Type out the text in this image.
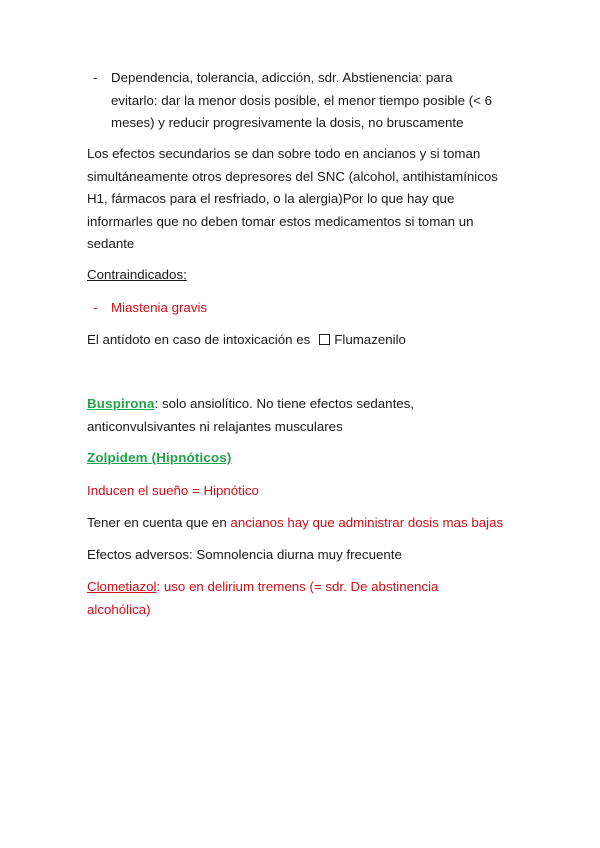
- Dependencia, tolerancia, adicción, sdr. Abstienencia: para
evitarlo: dar la menor dosis posible, el menor tiempo posible (< 6
meses) y reducir progresivamente la dosis, no bruscamente

Los efectos secundarios se dan sobre todo en ancianos y si toman
simultáneamente otros depresores del SNC (alcohol, antihistamínicos
H1, fármacos para el resfriado, o la alergia)Por lo que hay que
informarles que no deben tomar estos medicamentos si toman un
sedante

Contraindicados:

- Miastenia gravis

El antídoto en caso de intoxicación es Flumazenilo

Buspirona: solo ansiolítico. No tiene efectos sedantes,
anticonvulsivantes ni relajantes musculares

Zolpidem (Hipnóticos)

Inducen el sueño = Hipnótico

Tener en cuenta que en ancianos hay que administrar dosis mas bajas

Efectos adversos: Somnolencia diurna muy frecuente

Clometiazol: uso en delirium tremens (= sdr. De abstinencia
alcohólica)
